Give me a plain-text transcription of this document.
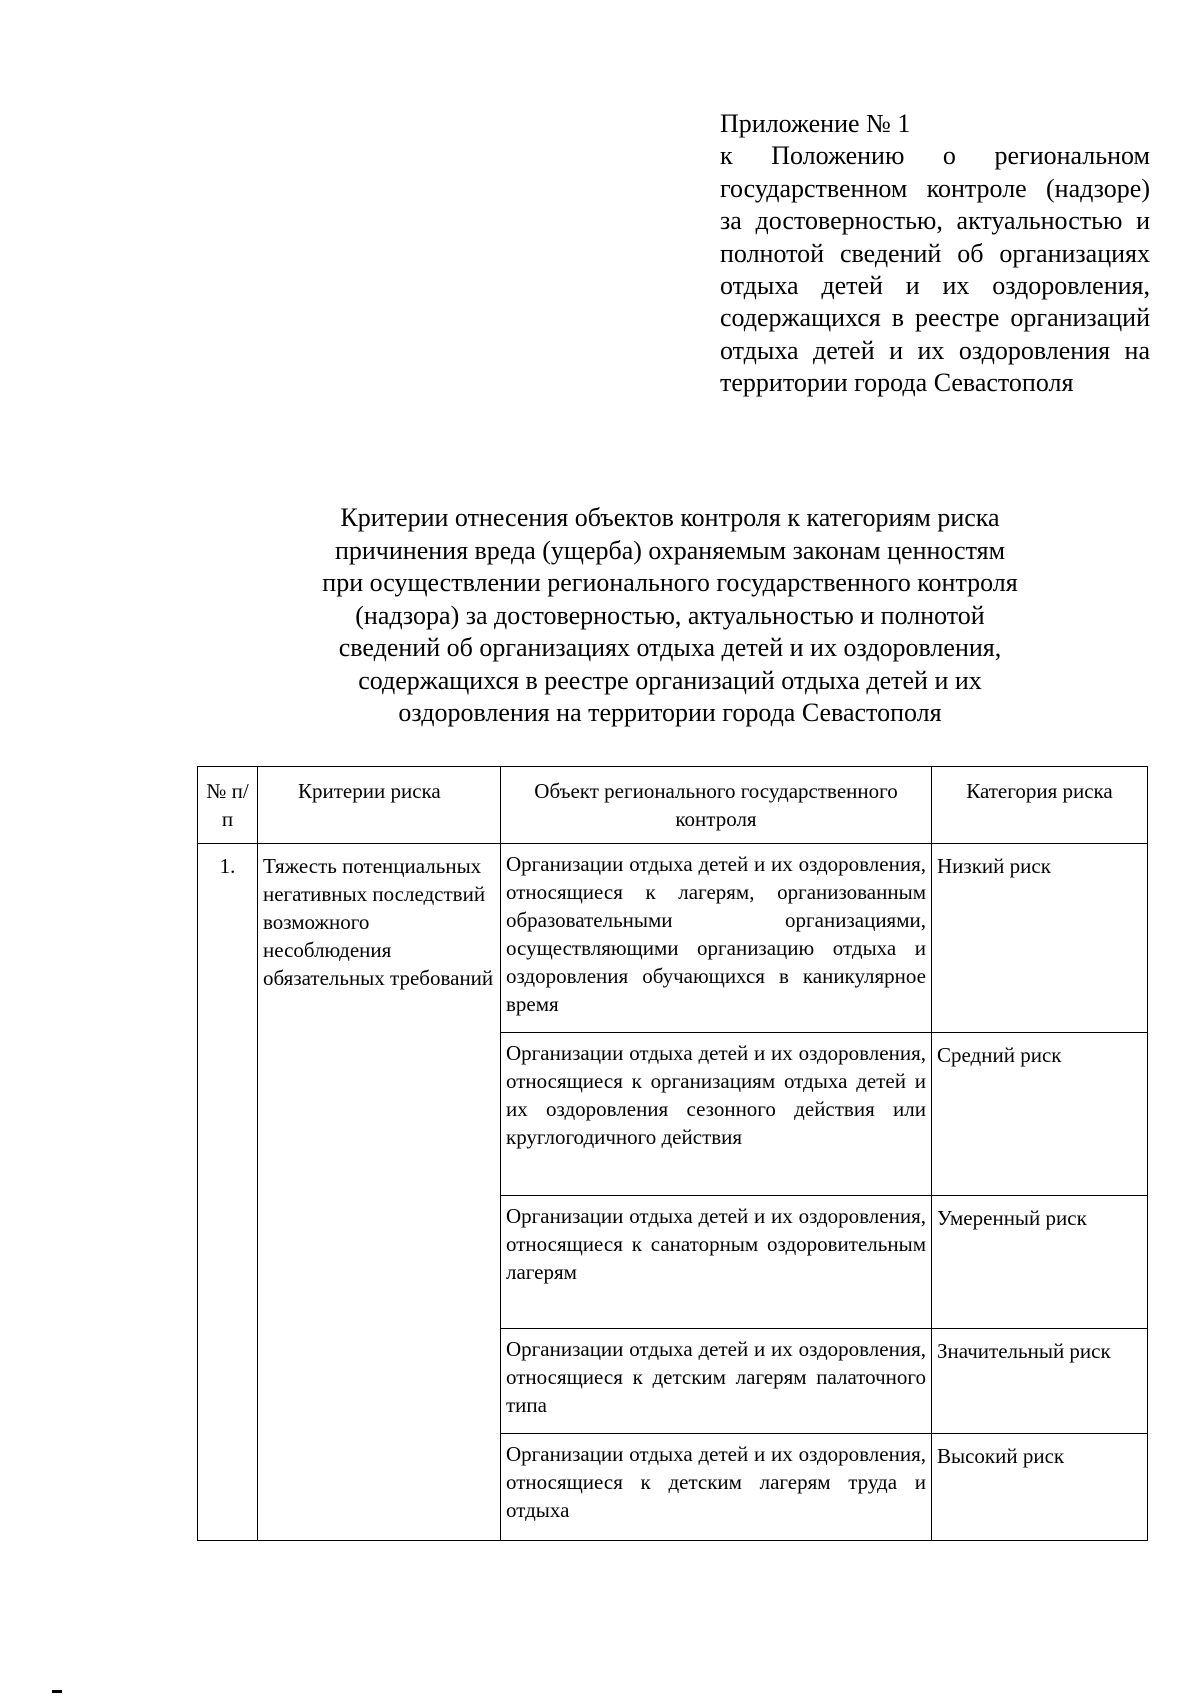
Приложение № 1
к Положению о региональном государственном контроле (надзоре) за достоверностью, актуальностью и полнотой сведений об организациях отдыха детей и их оздоровления, содержащихся в реестре организаций отдыха детей и их оздоровления на территории города Севастополя
Критерии отнесения объектов контроля к категориям риска
причинения вреда (ущерба) охраняемым законам ценностям
при осуществлении регионального государственного контроля
(надзора) за достоверностью, актуальностью и полнотой
сведений об организациях отдыха детей и их оздоровления,
содержащихся в реестре организаций отдыха детей и их
оздоровления на территории города Севастополя
№ п/п	Критерии риска	Объект регионального государственного контроля	Категория риска
1.	Тяжесть потенциальных негативных последствий возможного несоблюдения обязательных требований	Организации отдыха детей и их оздоровления, относящиеся к лагерям, организованным образовательными организациями, осуществляющими организацию отдыха и оздоровления обучающихся в каникулярное время	Низкий риск
		Организации отдыха детей и их оздоровления, относящиеся к организациям отдыха детей и их оздоровления сезонного действия или круглогодичного действия	Средний риск
		Организации отдыха детей и их оздоровления, относящиеся к санаторным оздоровительным лагерям	Умеренный риск
		Организации отдыха детей и их оздоровления, относящиеся к детским лагерям палаточного типа	Значительный риск
		Организации отдыха детей и их оздоровления, относящиеся к детским лагерям труда и отдыха	Высокий риск
